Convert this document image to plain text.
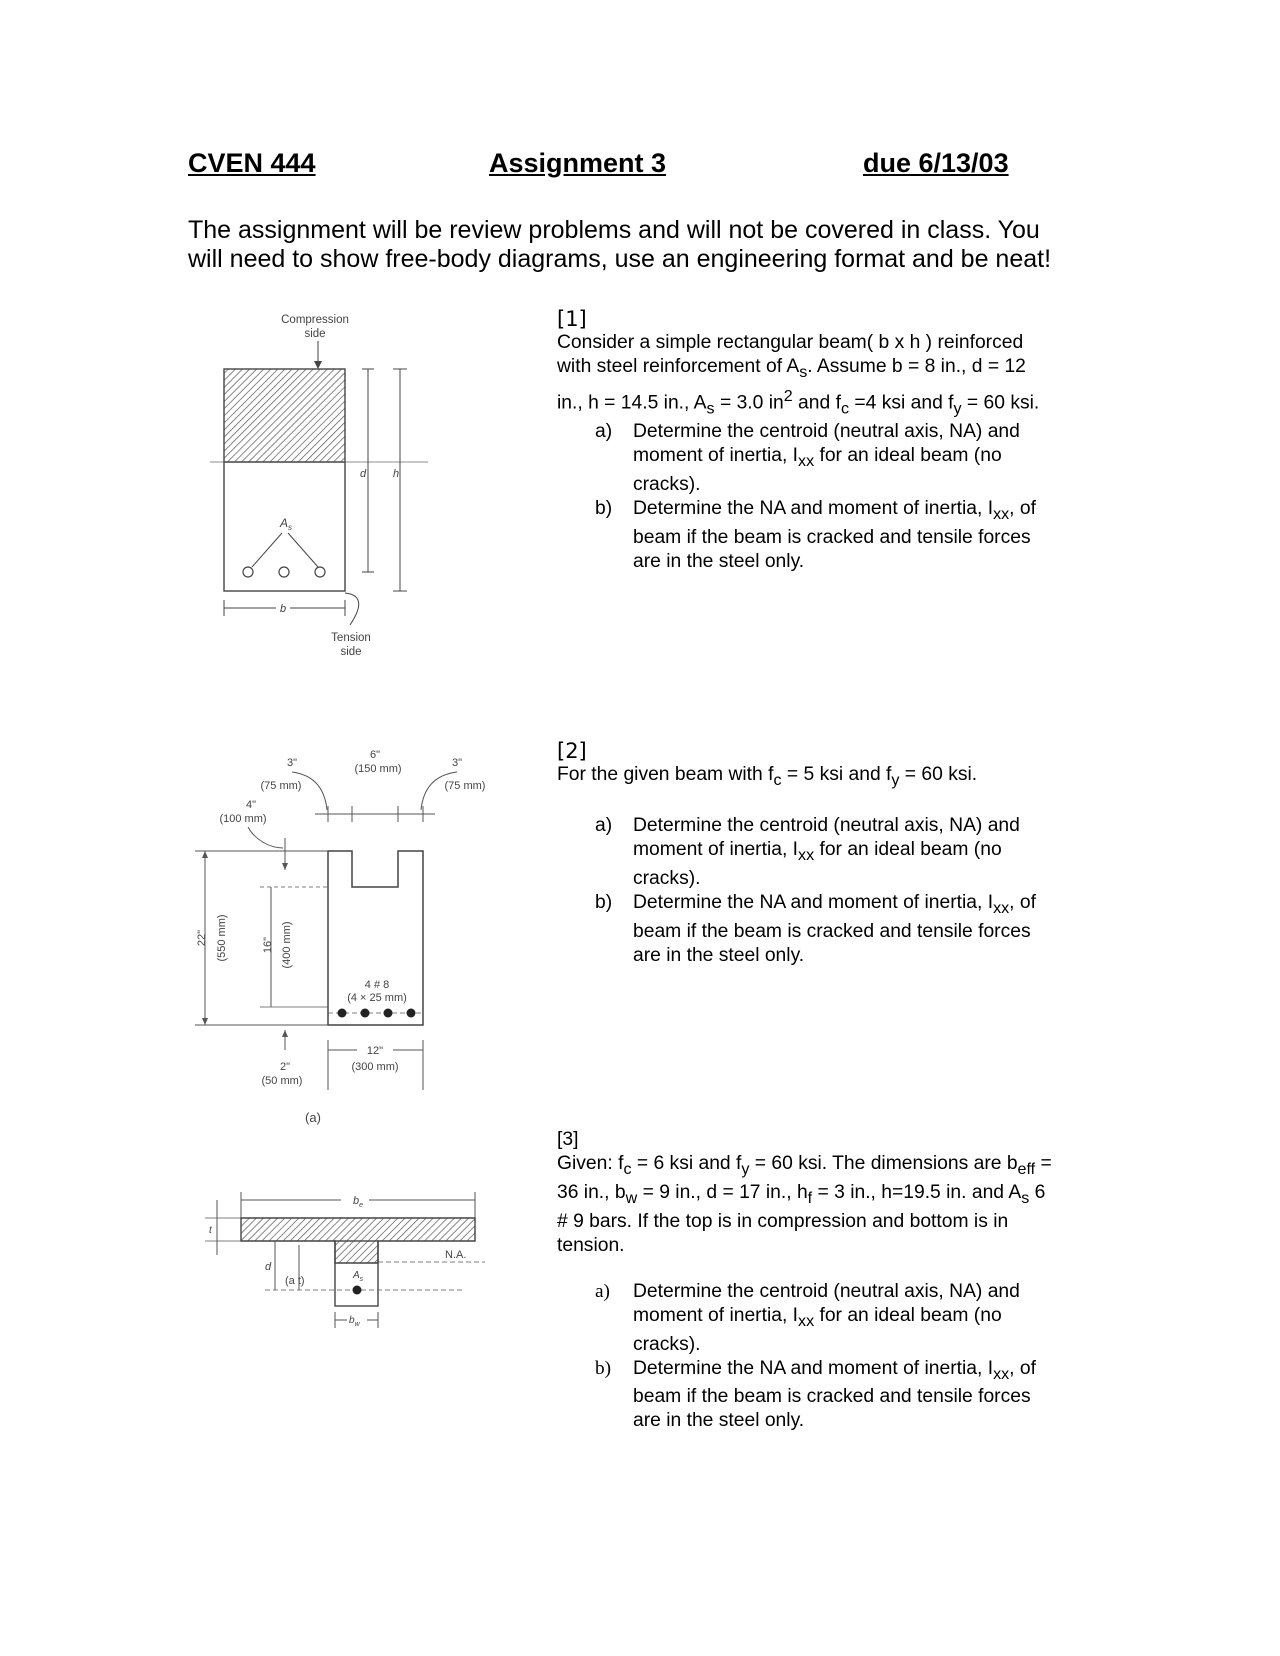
CVEN 444	Assignment 3	due 6/13/03
The assignment will be review problems and will not be covered in class. You
will need to show free-body diagrams, use an engineering format and be neat!
Compression
side
$A_s$
d h
b
Tension
side
[1]
Consider a simple rectangular beam( b x h ) reinforced
with steel reinforcement of $A_s$. Assume b = 8 in., d = 12
in., h = 14.5 in., $A_s = 3.0$ $in^2$ and $f_c =4$ ksi and $f_y = 60$ ksi.
a) Determine the centroid (neutral axis, NA) and
moment of inertia, $I_{xx}$ for an ideal beam (no
cracks).
b) Determine the NA and moment of inertia, $I_{xx}$, of
beam if the beam is cracked and tensile forces
are in the steel only.
3"
(75 mm)
6"
(150 mm)	3"
(75 mm)
4"
(100 mm)
22" (550 mm)	16" (400 mm)
4 # 8
(4 × 25 mm)
2"
(50 mm)
12"
(300 mm)
(a)
[2]
For the given beam with $f_c = 5$ ksi and $f_y = 60$ ksi.
a) Determine the centroid (neutral axis, NA) and
moment of inertia, $I_{xx}$ for an ideal beam (no
cracks).
b) Determine the NA and moment of inertia, $I_{xx}$, of
beam if the beam is cracked and tensile forces
are in the steel only.
$b_e$
t
d
(a t)
N.A.
$A_s$
$b_w$
[3]
Given: $f_c = 6$ ksi and $f_y = 60$ ksi. The dimensions are $b_{eff}$ =
36 in., $b_w = 9$ in., d = 17 in., $h_f = 3$ in., h=19.5 in. and $A_s$ 6
# 9 bars. If the top is in compression and bottom is in
tension.
a) Determine the centroid (neutral axis, NA) and
moment of inertia, $I_{xx}$ for an ideal beam (no
cracks).
b) Determine the NA and moment of inertia, $I_{xx}$, of
beam if the beam is cracked and tensile forces
are in the steel only.
